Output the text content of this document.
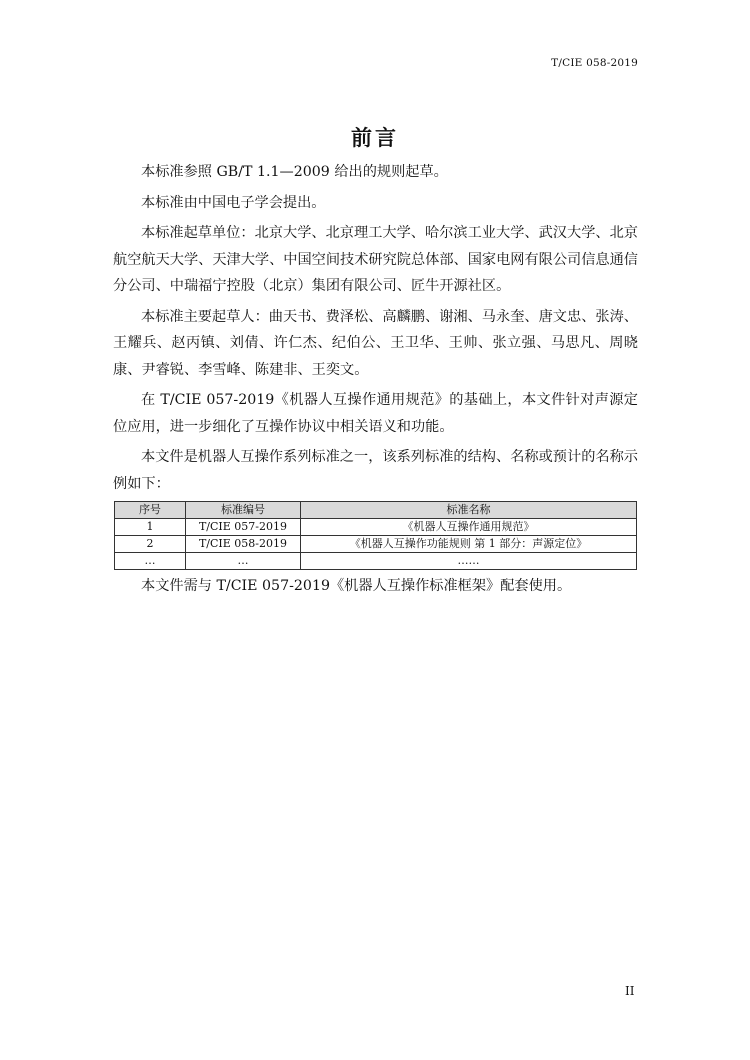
T/CIE 058-2019
前言

本标准参照 GB/T 1.1—2009 给出的规则起草。

本标准由中国电子学会提出。

本标准起草单位：北京大学、北京理工大学、哈尔滨工业大学、武汉大学、北京航空航天大学、天津大学、中国空间技术研究院总体部、国家电网有限公司信息通信分公司、中瑞福宁控股（北京）集团有限公司、匠牛开源社区。

本标准主要起草人：曲天书、费泽松、高麟鹏、谢湘、马永奎、唐文忠、张涛、王耀兵、赵丙镇、刘倩、许仁杰、纪伯公、王卫华、王帅、张立强、马思凡、周晓康、尹睿锐、李雪峰、陈建非、王奕文。

在 T/CIE 057-2019《机器人互操作通用规范》的基础上，本文件针对声源定位应用，进一步细化了互操作协议中相关语义和功能。

本文件是机器人互操作系列标准之一，该系列标准的结构、名称或预计的名称示例如下：

序号	标准编号	标准名称
1	T/CIE 057-2019	《机器人互操作通用规范》
2	T/CIE 058-2019	《机器人互操作功能规则 第 1 部分：声源定位》
…	…	……

本文件需与 T/CIE 057-2019《机器人互操作标准框架》配套使用。

II
